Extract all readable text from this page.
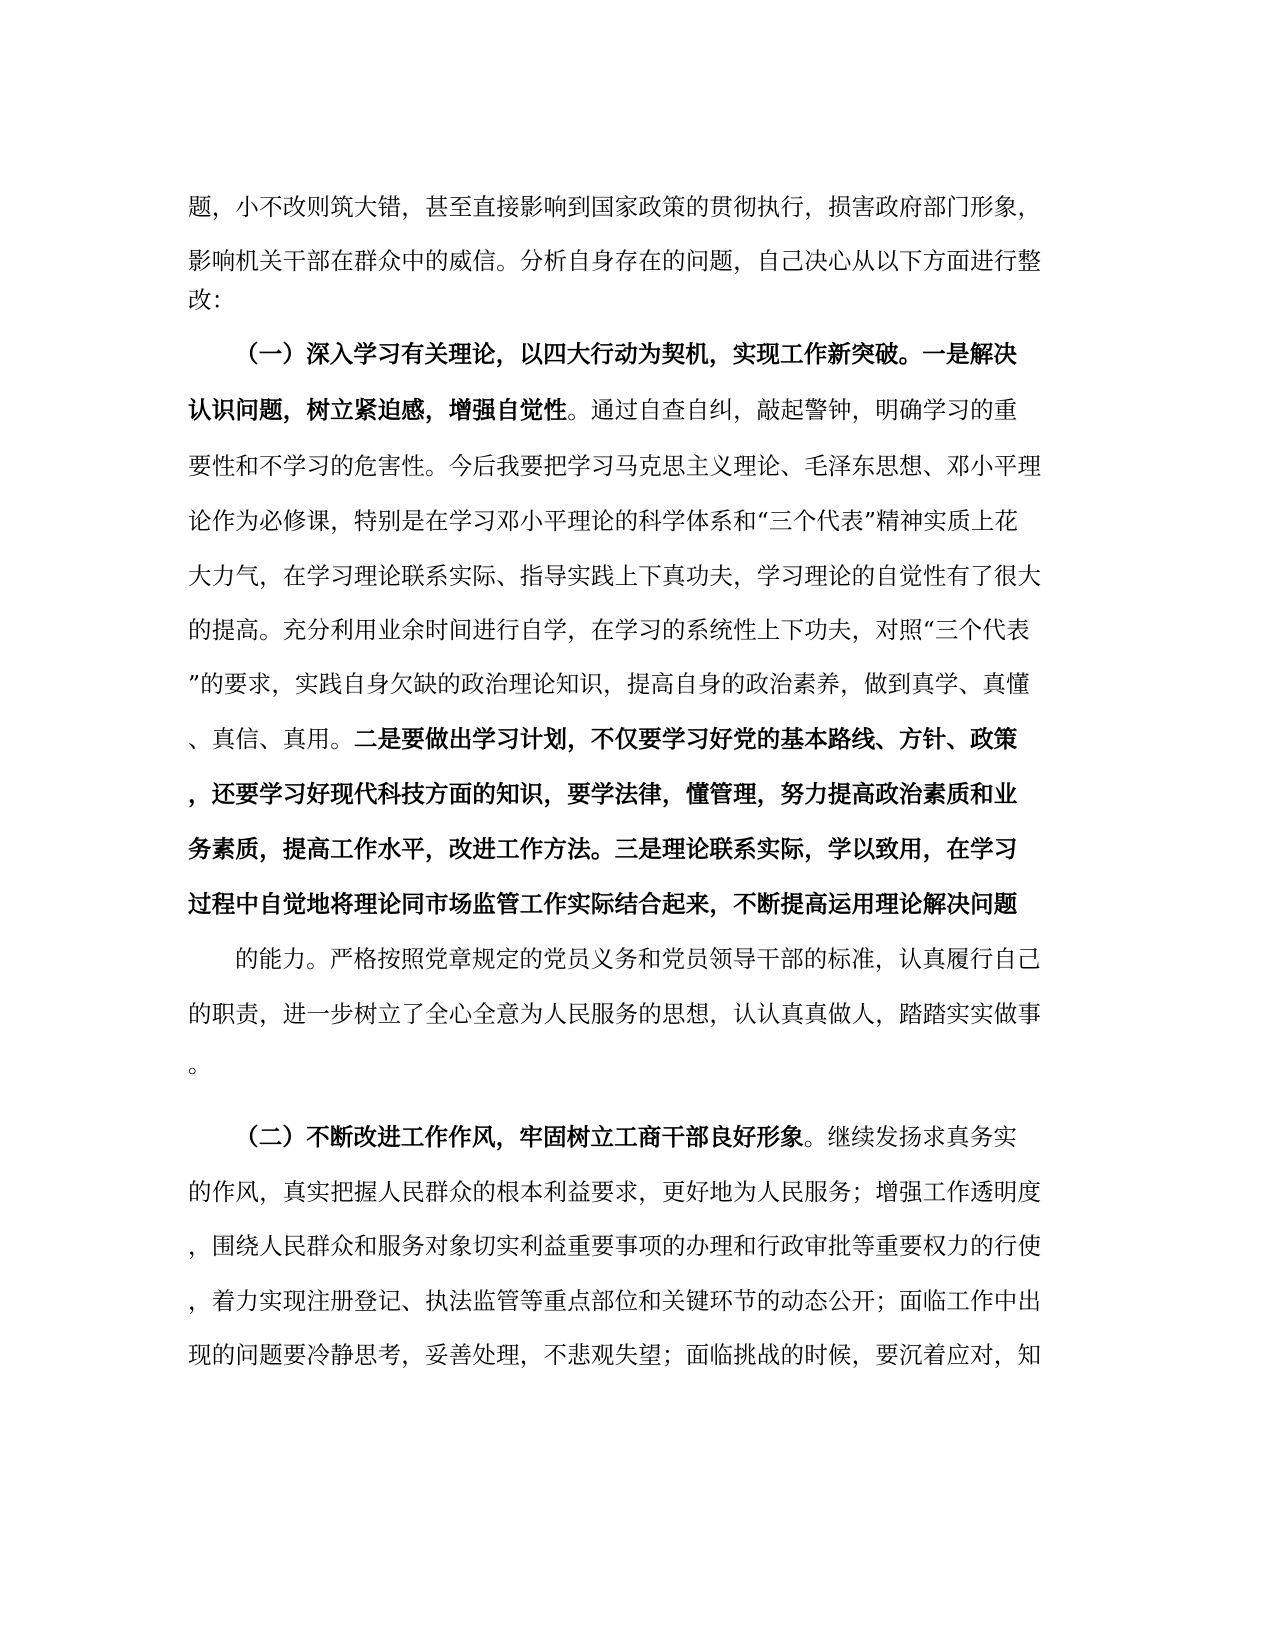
题，小不改则筑大错，甚至直接影响到国家政策的贯彻执行，损害政府部门形象，
影响机关干部在群众中的威信。分析自身存在的问题，自己决心从以下方面进行整
改：
（一）深入学习有关理论，以四大行动为契机，实现工作新突破。一是解决
认识问题，树立紧迫感，增强自觉性。通过自查自纠，敲起警钟，明确学习的重
要性和不学习的危害性。今后我要把学习马克思主义理论、毛泽东思想、邓小平理
论作为必修课，特别是在学习邓小平理论的科学体系和“三个代表”精神实质上花
大力气，在学习理论联系实际、指导实践上下真功夫，学习理论的自觉性有了很大
的提高。充分利用业余时间进行自学，在学习的系统性上下功夫，对照“三个代表
”的要求，实践自身欠缺的政治理论知识，提高自身的政治素养，做到真学、真懂
、真信、真用。二是要做出学习计划，不仅要学习好党的基本路线、方针、政策
，还要学习好现代科技方面的知识，要学法律，懂管理，努力提高政治素质和业
务素质，提高工作水平，改进工作方法。三是理论联系实际，学以致用，在学习
过程中自觉地将理论同市场监管工作实际结合起来，不断提高运用理论解决问题
的能力。严格按照党章规定的党员义务和党员领导干部的标准，认真履行自己
的职责，进一步树立了全心全意为人民服务的思想，认认真真做人，踏踏实实做事
。
（二）不断改进工作作风，牢固树立工商干部良好形象。继续发扬求真务实
的作风，真实把握人民群众的根本利益要求，更好地为人民服务；增强工作透明度
，围绕人民群众和服务对象切实利益重要事项的办理和行政审批等重要权力的行使
，着力实现注册登记、执法监管等重点部位和关键环节的动态公开；面临工作中出
现的问题要冷静思考，妥善处理，不悲观失望；面临挑战的时候，要沉着应对，知
